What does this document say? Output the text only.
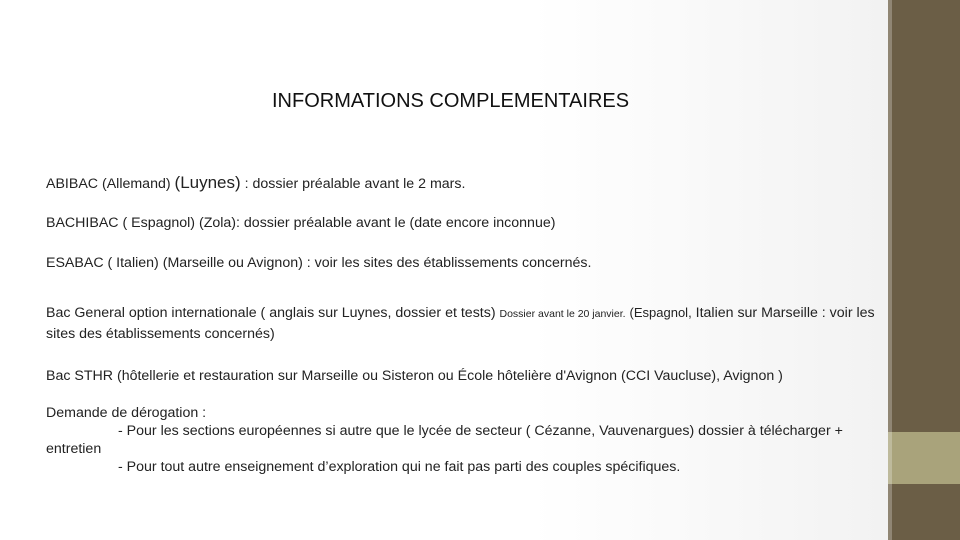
INFORMATIONS COMPLEMENTAIRES

ABIBAC (Allemand) (Luynes) : dossier préalable avant le 2 mars.

BACHIBAC ( Espagnol) (Zola): dossier préalable avant le (date encore inconnue)

ESABAC ( Italien) (Marseille ou Avignon) : voir les sites des établissements concernés.

Bac General option internationale ( anglais sur Luynes, dossier et tests) Dossier avant le 20 janvier. (Espagnol, Italien sur Marseille : voir les sites des établissements concernés)

Bac STHR (hôtellerie et restauration sur Marseille ou Sisteron ou École hôtelière d'Avignon (CCI Vaucluse), Avignon )

Demande de dérogation :
- Pour les sections européennes si autre que le lycée de secteur ( Cézanne, Vauvenargues) dossier à télécharger + entretien
- Pour tout autre enseignement d’exploration qui ne fait pas parti des couples spécifiques.
